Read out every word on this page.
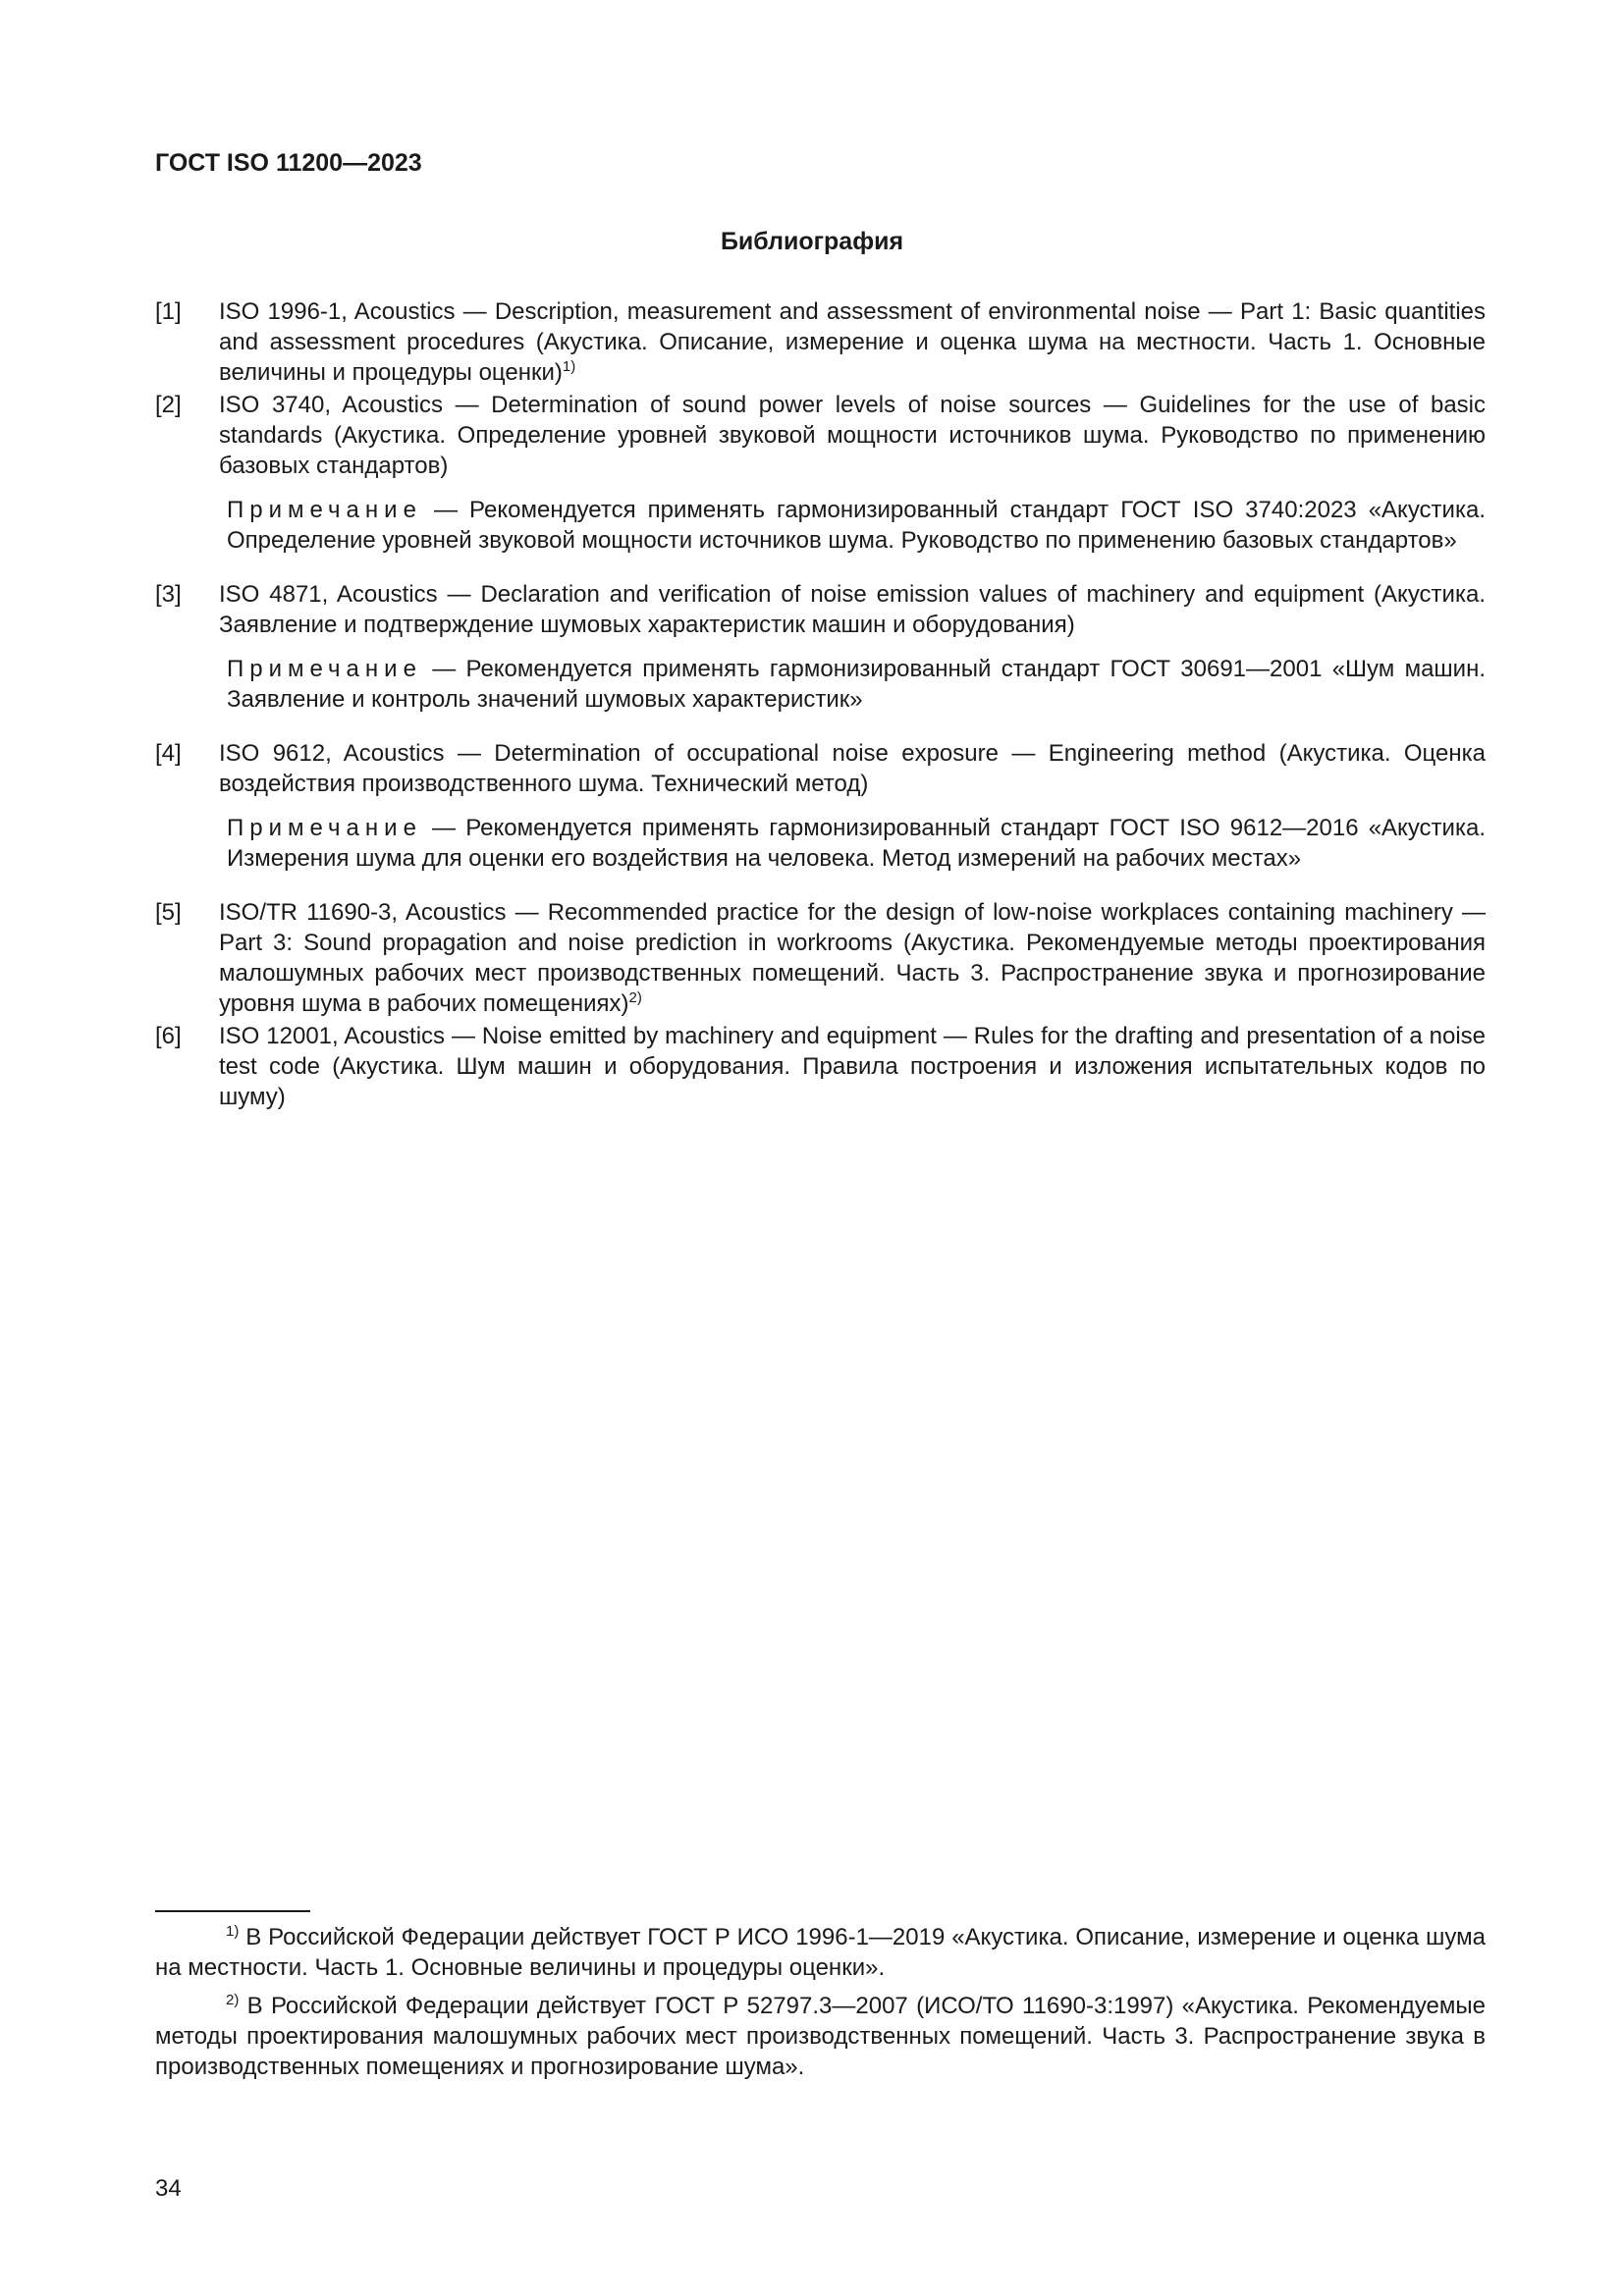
ГОСТ ISO 11200—2023

Библиография
[1]	ISO 1996-1, Acoustics — Description, measurement and assessment of environmental noise — Part 1: Basic quantities and assessment procedures (Акустика. Описание, измерение и оценка шума на местности. Часть 1. Основные величины и процедуры оценки)$^{1)}$

[2]	ISO 3740, Acoustics — Determination of sound power levels of noise sources — Guidelines for the use of basic standards (Акустика. Определение уровней звуковой мощности источников шума. Руководство по применению базовых стандартов)

Примечание — Рекомендуется применять гармонизированный стандарт ГОСТ ISO 3740:2023 «Акустика. Определение уровней звуковой мощности источников шума. Руководство по применению базовых стандартов»

[3]	ISO 4871, Acoustics — Declaration and verification of noise emission values of machinery and equipment (Акустика. Заявление и подтверждение шумовых характеристик машин и оборудования)

Примечание — Рекомендуется применять гармонизированный стандарт ГОСТ 30691—2001 «Шум машин. Заявление и контроль значений шумовых характеристик»

[4]	ISO 9612, Acoustics — Determination of occupational noise exposure — Engineering method (Акустика. Оценка воздействия производственного шума. Технический метод)

Примечание — Рекомендуется применять гармонизированный стандарт ГОСТ ISO 9612—2016 «Акустика. Измерения шума для оценки его воздействия на человека. Метод измерений на рабочих местах»

[5]	ISO/TR 11690-3, Acoustics — Recommended practice for the design of low-noise workplaces containing machinery — Part 3: Sound propagation and noise prediction in workrooms (Акустика. Рекомендуемые методы проектирования малошумных рабочих мест производственных помещений. Часть 3. Распространение звука и прогнозирование уровня шума в рабочих помещениях)$^{2)}$

[6]	ISO 12001, Acoustics — Noise emitted by machinery and equipment — Rules for the drafting and presentation of a noise test code (Акустика. Шум машин и оборудования. Правила построения и изложения испытательных кодов по шуму)

$^{1)}$ В Российской Федерации действует ГОСТ Р ИСО 1996-1—2019 «Акустика. Описание, измерение и оценка шума на местности. Часть 1. Основные величины и процедуры оценки».

$^{2)}$ В Российской Федерации действует ГОСТ Р 52797.3—2007 (ИСО/ТО 11690-3:1997) «Акустика. Рекомендуемые методы проектирования малошумных рабочих мест производственных помещений. Часть 3. Распространение звука в производственных помещениях и прогнозирование шума».

34
